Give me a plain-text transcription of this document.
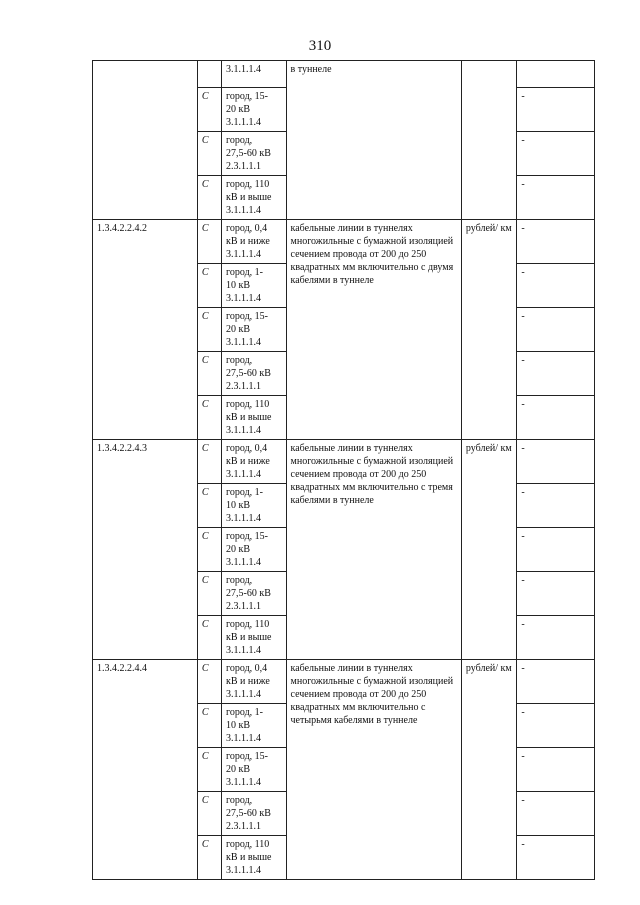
310

		3.1.1.1.4	в туннеле		
	С	город, 15-
20 кВ
3.1.1.1.4			-
	С	город,
27,5-60 кВ
2.3.1.1.1			-
	С	город, 110
кВ и выше
3.1.1.1.4			-
1.3.4.2.2.4.2	С	город, 0,4
кВ и ниже
3.1.1.1.4	кабельные линии в туннелях многожильные с бумажной изоляцией сечением провода от 200 до 250 квадратных мм включительно с двумя кабелями в туннеле	рублей/ км	-
	С	город, 1-
10 кВ
3.1.1.1.4			-
	С	город, 15-
20 кВ
3.1.1.1.4			-
	С	город,
27,5-60 кВ
2.3.1.1.1			-
	С	город, 110
кВ и выше
3.1.1.1.4			-
1.3.4.2.2.4.3	С	город, 0,4
кВ и ниже
3.1.1.1.4	кабельные линии в туннелях многожильные с бумажной изоляцией сечением провода от 200 до 250 квадратных мм включительно с тремя кабелями в туннеле	рублей/ км	-
	С	город, 1-
10 кВ
3.1.1.1.4			-
	С	город, 15-
20 кВ
3.1.1.1.4			-
	С	город,
27,5-60 кВ
2.3.1.1.1			-
	С	город, 110
кВ и выше
3.1.1.1.4			-
1.3.4.2.2.4.4	С	город, 0,4
кВ и ниже
3.1.1.1.4	кабельные линии в туннелях многожильные с бумажной изоляцией сечением провода от 200 до 250 квадратных мм включительно с четырьмя кабелями в туннеле	рублей/ км	-
	С	город, 1-
10 кВ
3.1.1.1.4			-
	С	город, 15-
20 кВ
3.1.1.1.4			-
	С	город,
27,5-60 кВ
2.3.1.1.1			-
	С	город, 110
кВ и выше
3.1.1.1.4			-
